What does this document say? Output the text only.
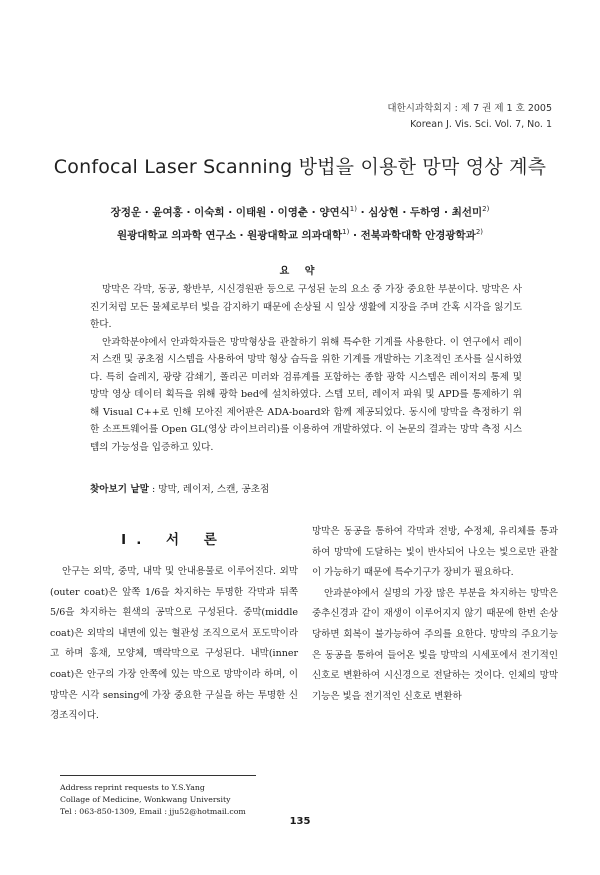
대한시과학회지 : 제 7 권 제 1 호 2005
Korean J. Vis. Sci. Vol. 7, No. 1
Confocal Laser Scanning 방법을 이용한 망막 영상 계측
장정운 · 윤여홍 · 이숙희 · 이태원 · 이영춘 · 양연식$^{1)}$ · 심상현 · 두하영 · 최선미$^{2)}$
원광대학교 의과학 연구소 · 원광대학교 의과대학$^{1)}$ · 전북과학대학 안경광학과$^{2)}$
요 약

망막은 각막, 동공, 황반부, 시신경원판 등으로 구성된 눈의 요소 중 가장 중요한 부분이다. 망막은 사진기처럼 모든 물체로부터 빛을 감지하기 때문에 손상될 시 일상 생활에 지장을 주며 간혹 시각을 잃기도 한다.

안과학분야에서 안과학자들은 망막형상을 관찰하기 위해 특수한 기계를 사용한다. 이 연구에서 레이저 스캔 및 공초점 시스템을 사용하여 망막 형상 습득을 위한 기계를 개발하는 기초적인 조사를 실시하였다. 특히 슬레지, 광량 감쇄기, 폴리곤 미러와 검류계를 포함하는 종합 광학 시스템은 레이저의 통제 및 망막 영상 데이터 획득을 위해 광학 bed에 설치하였다. 스텝 모터, 레이저 파워 및 APD를 통제하기 위해 Visual C++로 인해 모아진 제어판은 ADA-board와 함께 제공되었다. 동시에 망막을 측정하기 위한 소프트웨어를 Open GL(영상 라이브러리)를 이용하여 개발하였다. 이 논문의 결과는 망막 측정 시스템의 가능성을 입증하고 있다.

찾아보기 낱말 : 망막, 레이저, 스캔, 공초점
I. 서 론

안구는 외막, 중막, 내막 및 안내용물로 이루어진다. 외막(outer coat)은 앞쪽 1/6을 차지하는 투명한 각막과 뒤쪽 5/6을 차지하는 흰색의 공막으로 구성된다. 중막(middle coat)은 외막의 내면에 있는 혈관성 조직으로서 포도막이라고 하며 홍채, 모양체, 맥락막으로 구성된다. 내막(inner coat)은 안구의 가장 안쪽에 있는 막으로 망막이라 하며, 이 망막은 시각 sensing에 가장 중요한 구실을 하는 투명한 신경조직이다.

망막은 동공을 통하여 각막과 전방, 수정체, 유리체를 통과하여 망막에 도달하는 빛이 반사되어 나오는 빛으로만 관찰이 가능하기 때문에 특수기구가 장비가 필요하다.

안과분야에서 실명의 가장 많은 부분을 차지하는 망막은 중추신경과 같이 재생이 이루어지지 않기 때문에 한번 손상당하면 회복이 불가능하여 주의를 요한다. 망막의 주요기능은 동공을 통하여 들어온 빛을 망막의 시세포에서 전기적인 신호로 변환하여 시신경으로 전달하는 것이다. 인체의 망막기능은 빛을 전기적인 신호로 변환하

Address reprint requests to Y.S.Yang
Collage of Medicine, Wonkwang University
Tel : 063-850-1309, Email : jju52@hotmail.com
135
